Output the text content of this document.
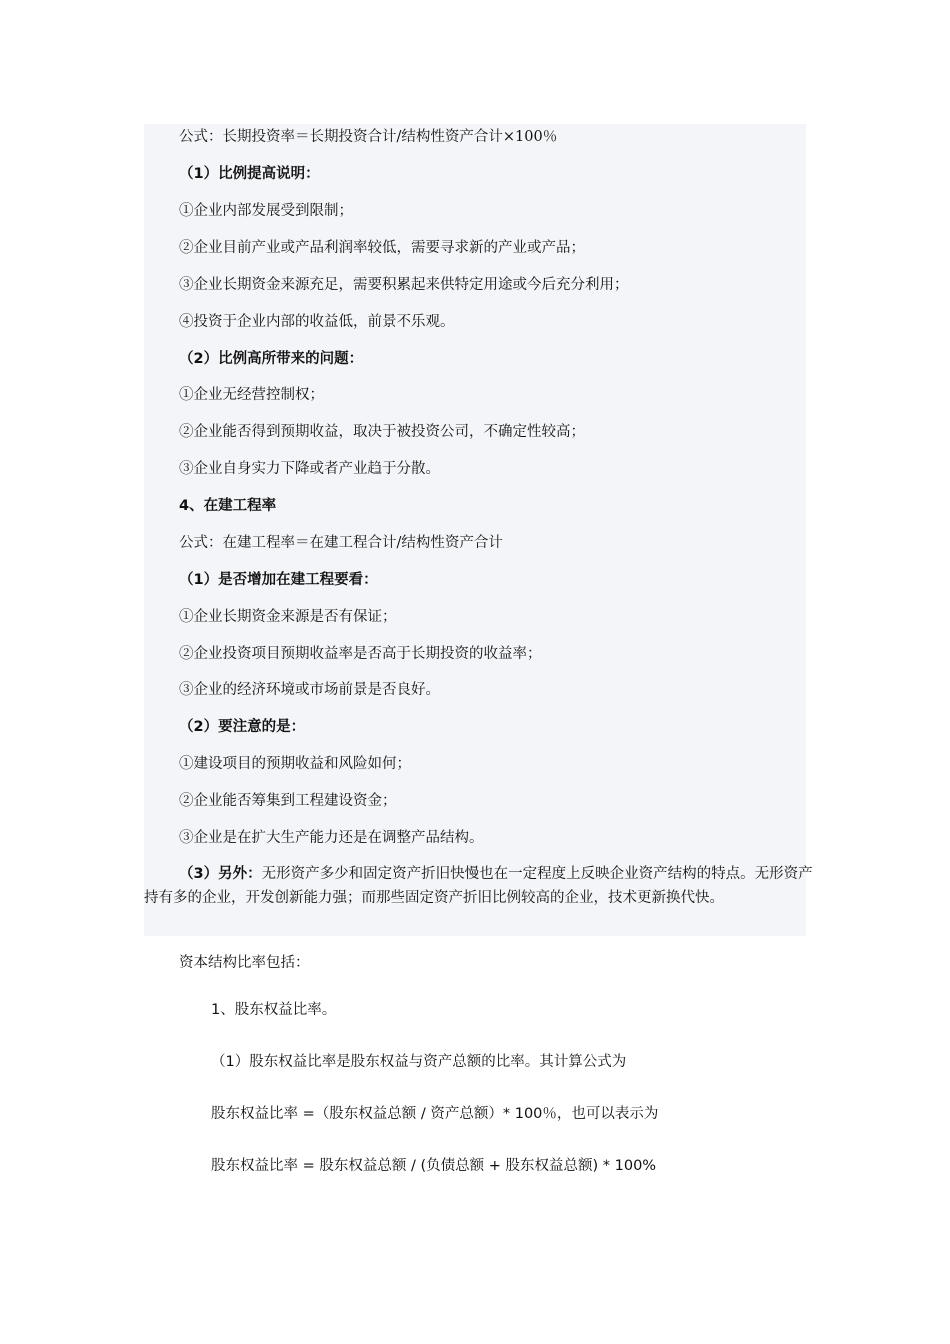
公式：长期投资率＝长期投资合计/结构性资产合计×100％
（1）比例提高说明：
①企业内部发展受到限制；
②企业目前产业或产品利润率较低，需要寻求新的产业或产品；
③企业长期资金来源充足，需要积累起来供特定用途或今后充分利用；
④投资于企业内部的收益低，前景不乐观。
（2）比例高所带来的问题：
①企业无经营控制权；
②企业能否得到预期收益，取决于被投资公司，不确定性较高；
③企业自身实力下降或者产业趋于分散。
4、在建工程率
公式：在建工程率＝在建工程合计/结构性资产合计
（1）是否增加在建工程要看：
①企业长期资金来源是否有保证；
②企业投资项目预期收益率是否高于长期投资的收益率；
③企业的经济环境或市场前景是否良好。
（2）要注意的是：
①建设项目的预期收益和风险如何；
②企业能否筹集到工程建设资金；
③企业是在扩大生产能力还是在调整产品结构。
（3）另外：无形资产多少和固定资产折旧快慢也在一定程度上反映企业资产结构的特点。无形资产持有多的企业，开发创新能力强；而那些固定资产折旧比例较高的企业，技术更新换代快。
资本结构比率包括：
1、股东权益比率。
（1）股东权益比率是股东权益与资产总额的比率。其计算公式为
股东权益比率 =（股东权益总额 / 资产总额）* 100％，也可以表示为
股东权益比率 = 股东权益总额 / (负债总额 + 股东权益总额) * 100%
